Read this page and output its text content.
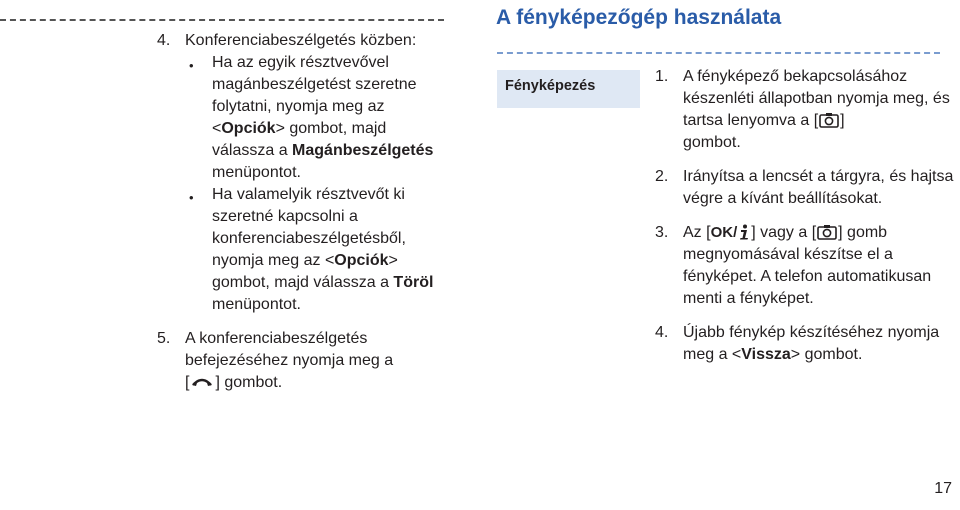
4. Konferenciabeszélgetés közben:
•	Ha az egyik résztvevővel magánbeszélgetést szeretne folytatni, nyomja meg az <Opciók> gombot, majd válassza a Magánbeszélgetés menüpontot.
•	Ha valamelyik résztvevőt ki szeretné kapcsolni a konferenciabeszélgetésből, nyomja meg az <Opciók> gombot, majd válassza a Töröl menüpontot.
5. A konferenciabeszélgetés befejezéséhez nyomja meg a
[ ] gombot.
A fényképezőgép használata
Fényképezés
1. A fényképező bekapcsolásához készenléti állapotban nyomja meg, és tartsa lenyomva a [ ]
gombot.
2. Irányítsa a lencsét a tárgyra, és hajtsa végre a kívánt beállításokat.
3. Az [OK/ ] vagy a [ ] gomb megnyomásával készítse el a fényképet. A telefon automatikusan menti a fényképet.
4. Újabb fénykép készítéséhez nyomja meg a <Vissza> gombot.
17
